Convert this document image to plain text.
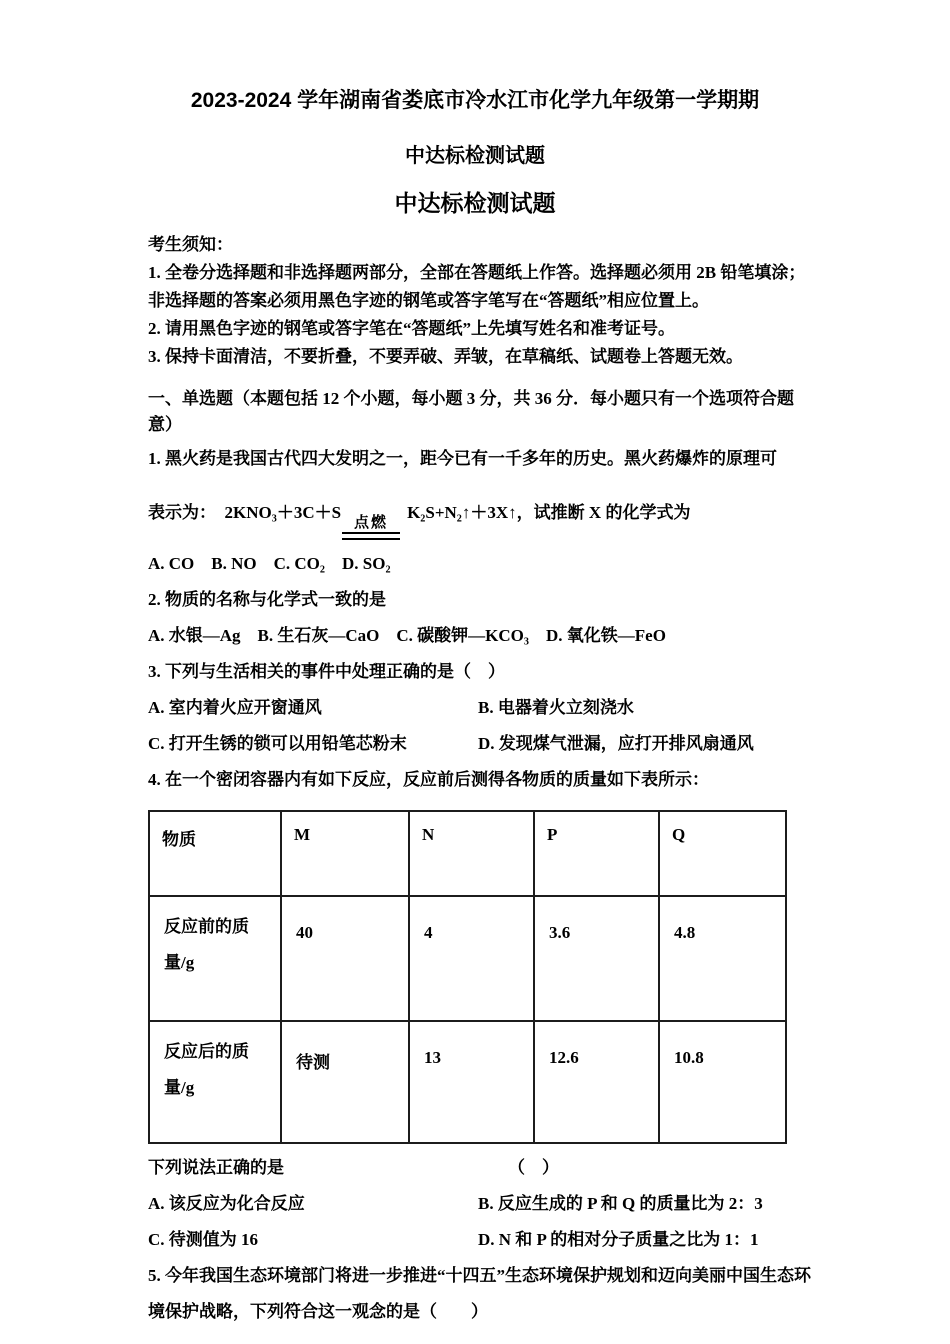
2023-2024 学年湖南省娄底市冷水江市化学九年级第一学期期
中达标检测试题
中达标检测试题

考生须知：

1. 全卷分选择题和非选择题两部分，全部在答题纸上作答。选择题必须用 2B 铅笔填涂；非选择题的答案必须用黑色字迹的钢笔或答字笔写在“答题纸”相应位置上。

2. 请用黑色字迹的钢笔或答字笔在“答题纸”上先填写姓名和准考证号。

3. 保持卡面清洁，不要折叠，不要弄破、弄皱，在草稿纸、试题卷上答题无效。

一、单选题（本题包括 12 个小题，每小题 3 分，共 36 分．每小题只有一个选项符合题意）

1. 黑火药是我国古代四大发明之一，距今已有一千多年的历史。黑火药爆炸的原理可

表示为：　2KNO₃＋3C＋S
点燃
K₂S+N₂↑＋3X↑，试推断 X 的化学式为

A. CO　B. NO　C. CO₂　D. SO₂

2. 物质的名称与化学式一致的是

A. 水银—Ag　B. 生石灰—CaO　C. 碳酸钾—KCO₃　D. 氧化铁—FeO

3. 下列与生活相关的事件中处理正确的是（　）

A. 室内着火应开窗通风	B. 电器着火立刻浇水

C. 打开生锈的锁可以用铅笔芯粉末	D. 发现煤气泄漏，应打开排风扇通风

4. 在一个密闭容器内有如下反应，反应前后测得各物质的质量如下表所示：

物质	M	N	P	Q
反应前的质量/g	40	4	3.6	4.8
反应后的质量/g	待测	13	12.6	10.8

下列说法正确的是	（　）

A. 该反应为化合反应	B. 反应生成的 P 和 Q 的质量比为 2：3

C. 待测值为 16	D. N 和 P 的相对分子质量之比为 1：1

5. 今年我国生态环境部门将进一步推进“十四五”生态环境保护规划和迈向美丽中国生态环境保护战略，下列符合这一观念的是（　　）
